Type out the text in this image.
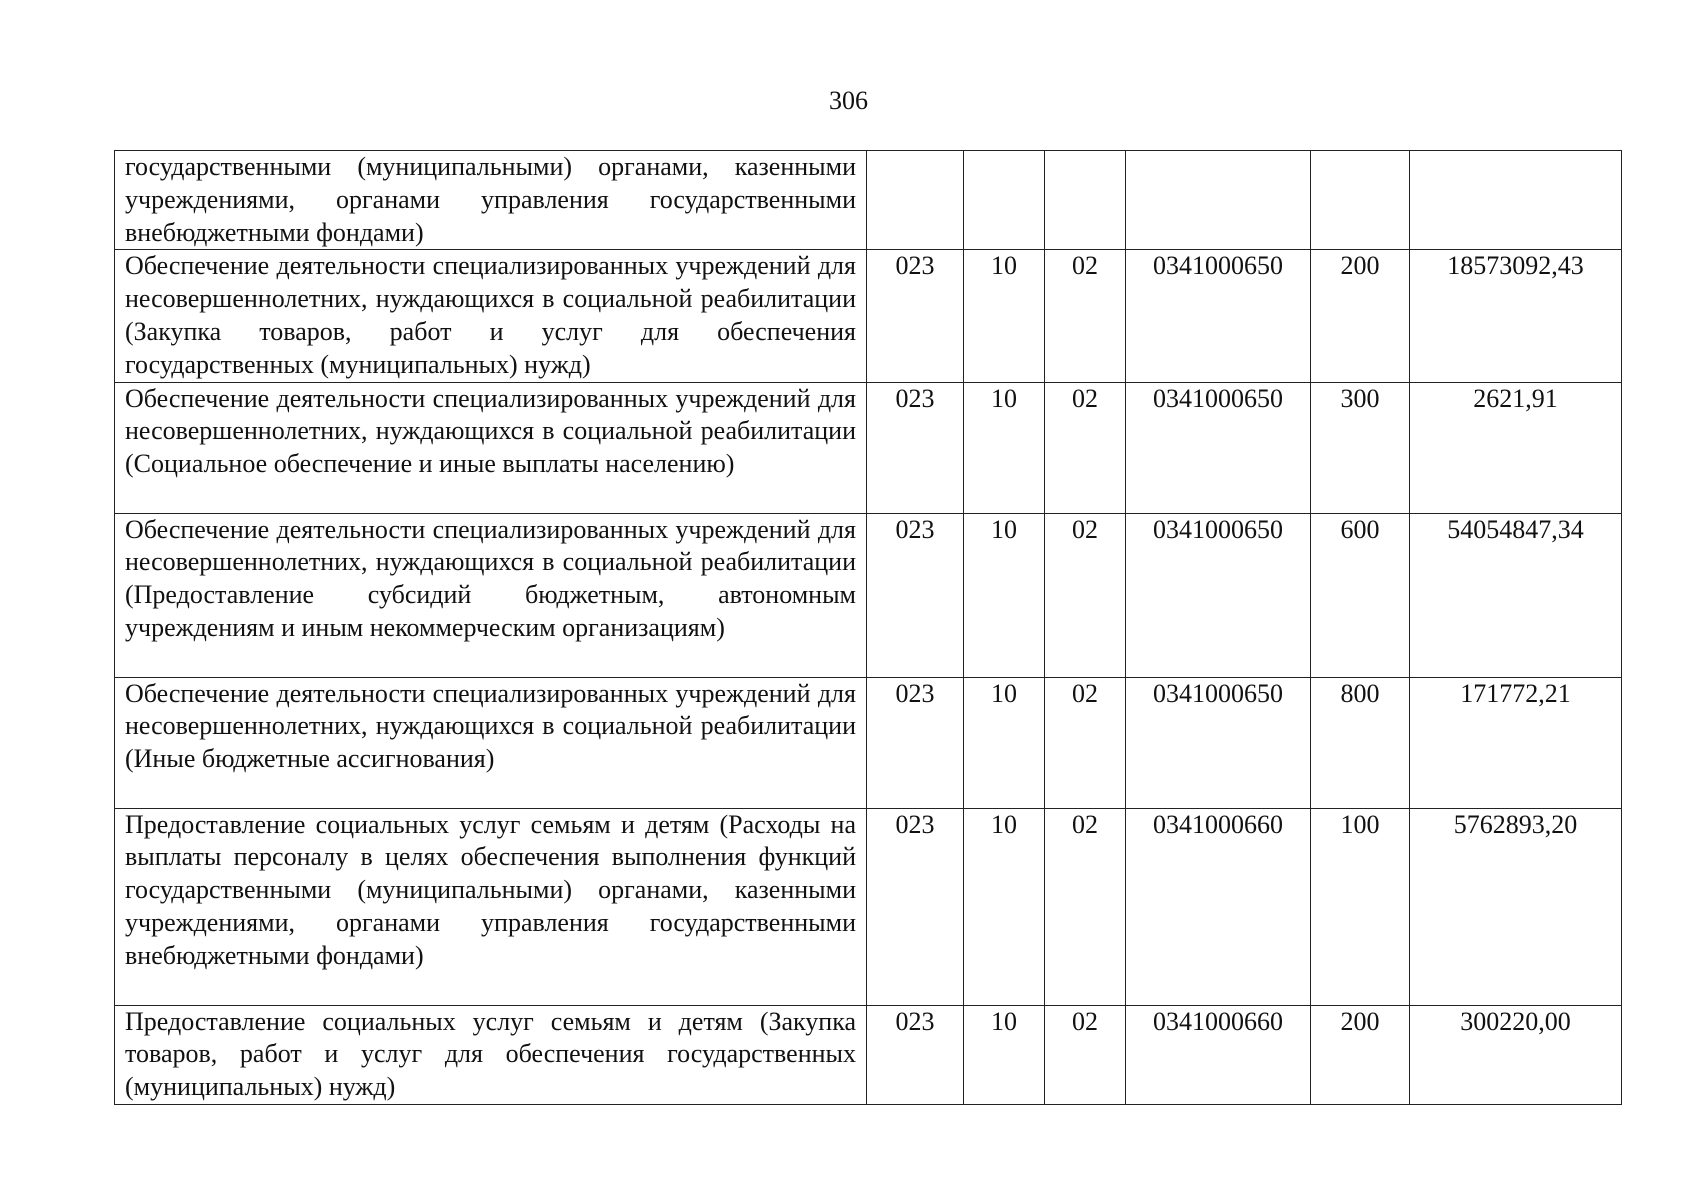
306
государственными (муниципальными) органами, казенными учреждениями, органами управления государственными внебюджетными фондами)						
Обеспечение деятельности специализированных учреждений для несовершеннолетних, нуждающихся в социальной реабилитации (Закупка товаров, работ и услуг для обеспечения государственных (муниципальных) нужд)	023	10	02	0341000650	200	18573092,43
Обеспечение деятельности специализированных учреждений для несовершеннолетних, нуждающихся в социальной реабилитации (Социальное обеспечение и иные выплаты населению)	023	10	02	0341000650	300	2621,91
Обеспечение деятельности специализированных учреждений для несовершеннолетних, нуждающихся в социальной реабилитации (Предоставление субсидий бюджетным, автономным учреждениям и иным некоммерческим организациям)	023	10	02	0341000650	600	54054847,34
Обеспечение деятельности специализированных учреждений для несовершеннолетних, нуждающихся в социальной реабилитации (Иные бюджетные ассигнования)	023	10	02	0341000650	800	171772,21
Предоставление социальных услуг семьям и детям (Расходы на выплаты персоналу в целях обеспечения выполнения функций государственными (муниципальными) органами, казенными учреждениями, органами управления государственными внебюджетными фондами)	023	10	02	0341000660	100	5762893,20
Предоставление социальных услуг семьям и детям (Закупка товаров, работ и услуг для обеспечения государственных (муниципальных) нужд)	023	10	02	0341000660	200	300220,00
